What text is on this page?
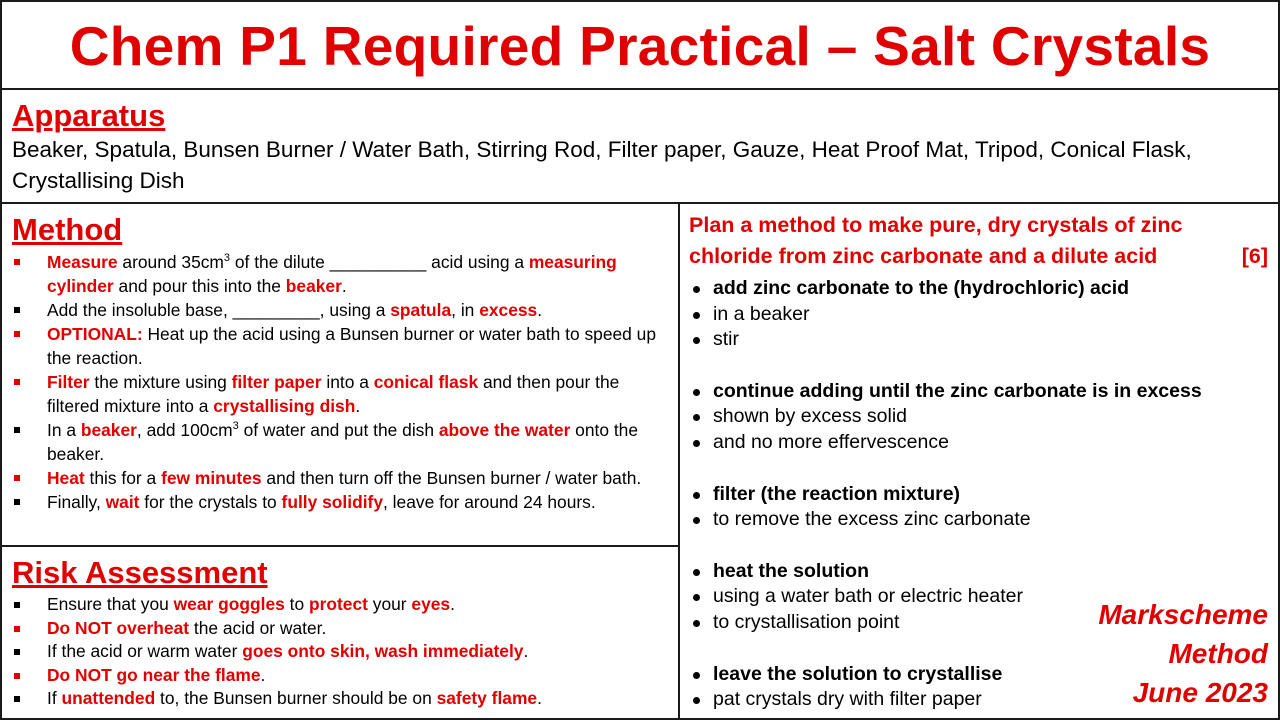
Chem P1 Required Practical – Salt Crystals
Apparatus

Beaker, Spatula, Bunsen Burner / Water Bath, Stirring Rod, Filter paper, Gauze, Heat Proof Mat, Tripod, Conical Flask, Crystallising Dish

Method
Measure around $35cm^3$ of the dilute __________ acid using a measuring cylinder and pour this into the beaker.
Add the insoluble base, _________, using a spatula, in excess.
OPTIONAL: Heat up the acid using a Bunsen burner or water bath to speed up the reaction.
Filter the mixture using filter paper into a conical flask and then pour the filtered mixture into a crystallising dish.
In a beaker, add $100cm^3$ of water and put the dish above the water onto the beaker.
Heat this for a few minutes and then turn off the Bunsen burner / water bath.
Finally, wait for the crystals to fully solidify, leave for around 24 hours.
Risk Assessment
Ensure that you wear goggles to protect your eyes.
Do NOT overheat the acid or water.
If the acid or warm water goes onto skin, wash immediately.
Do NOT go near the flame.
If unattended to, the Bunsen burner should be on safety flame.

Plan a method to make pure, dry crystals of zinc chloride from zinc carbonate and a dilute acid	[6]

add zinc carbonate to the (hydrochloric) acid
in a beaker
stir
continue adding until the zinc carbonate is in excess
shown by excess solid
and no more effervescence
filter (the reaction mixture)
to remove the excess zinc carbonate
heat the solution
using a water bath or electric heater
to crystallisation point
leave the solution to crystallise
pat crystals dry with filter paper
Markscheme
Method
June 2023
